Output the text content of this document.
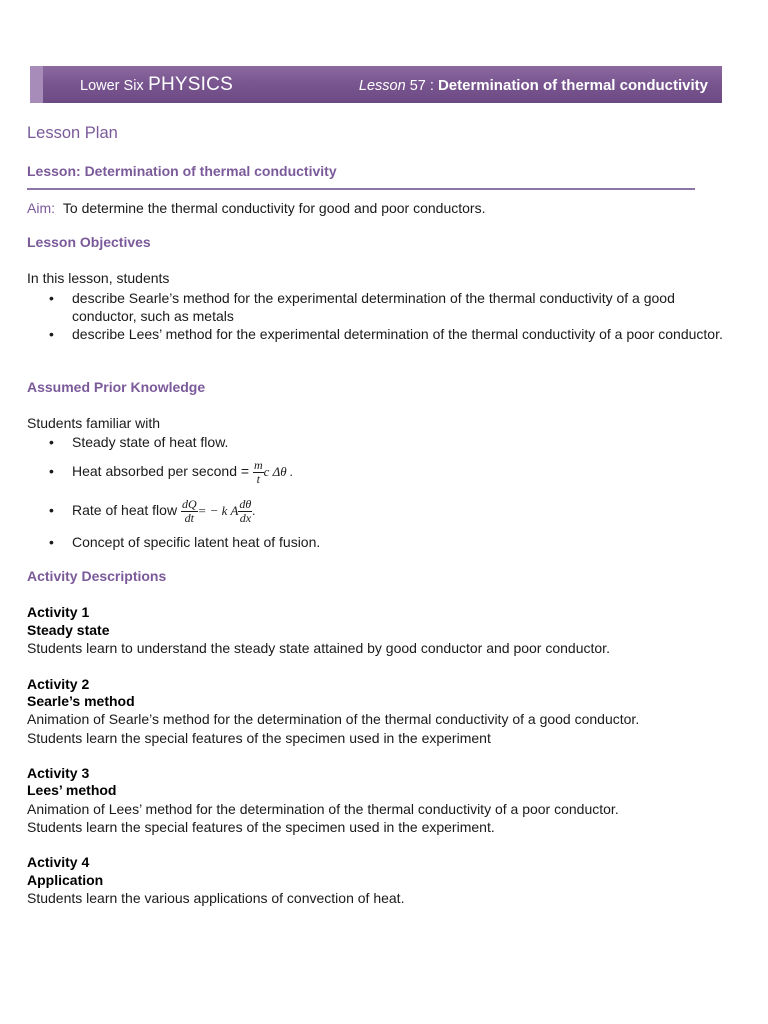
Lower Six PHYSICS	Lesson 57 : Determination of thermal conductivity
Lesson Plan
Lesson: Determination of thermal conductivity
Aim: To determine the thermal conductivity for good and poor conductors.
Lesson Objectives
In this lesson, students
• describe Searle’s method for the experimental determination of the thermal conductivity of a good conductor, such as metals
• describe Lees’ method for the experimental determination of the thermal conductivity of a poor conductor.
Assumed Prior Knowledge
Students familiar with
• Steady state of heat flow.
• Heat absorbed per second = $\frac{m}{t}$ c Δθ .
• Rate of heat flow $\frac{dQ}{dt}$ = − k A $\frac{d\theta}{dx}$ .
• Concept of specific latent heat of fusion.
Activity Descriptions
Activity 1
Steady state
Students learn to understand the steady state attained by good conductor and poor conductor.
Activity 2
Searle’s method
Animation of Searle’s method for the determination of the thermal conductivity of a good conductor.
Students learn the special features of the specimen used in the experiment
Activity 3
Lees’ method
Animation of Lees’ method for the determination of the thermal conductivity of a poor conductor.
Students learn the special features of the specimen used in the experiment.
Activity 4
Application
Students learn the various applications of convection of heat.
